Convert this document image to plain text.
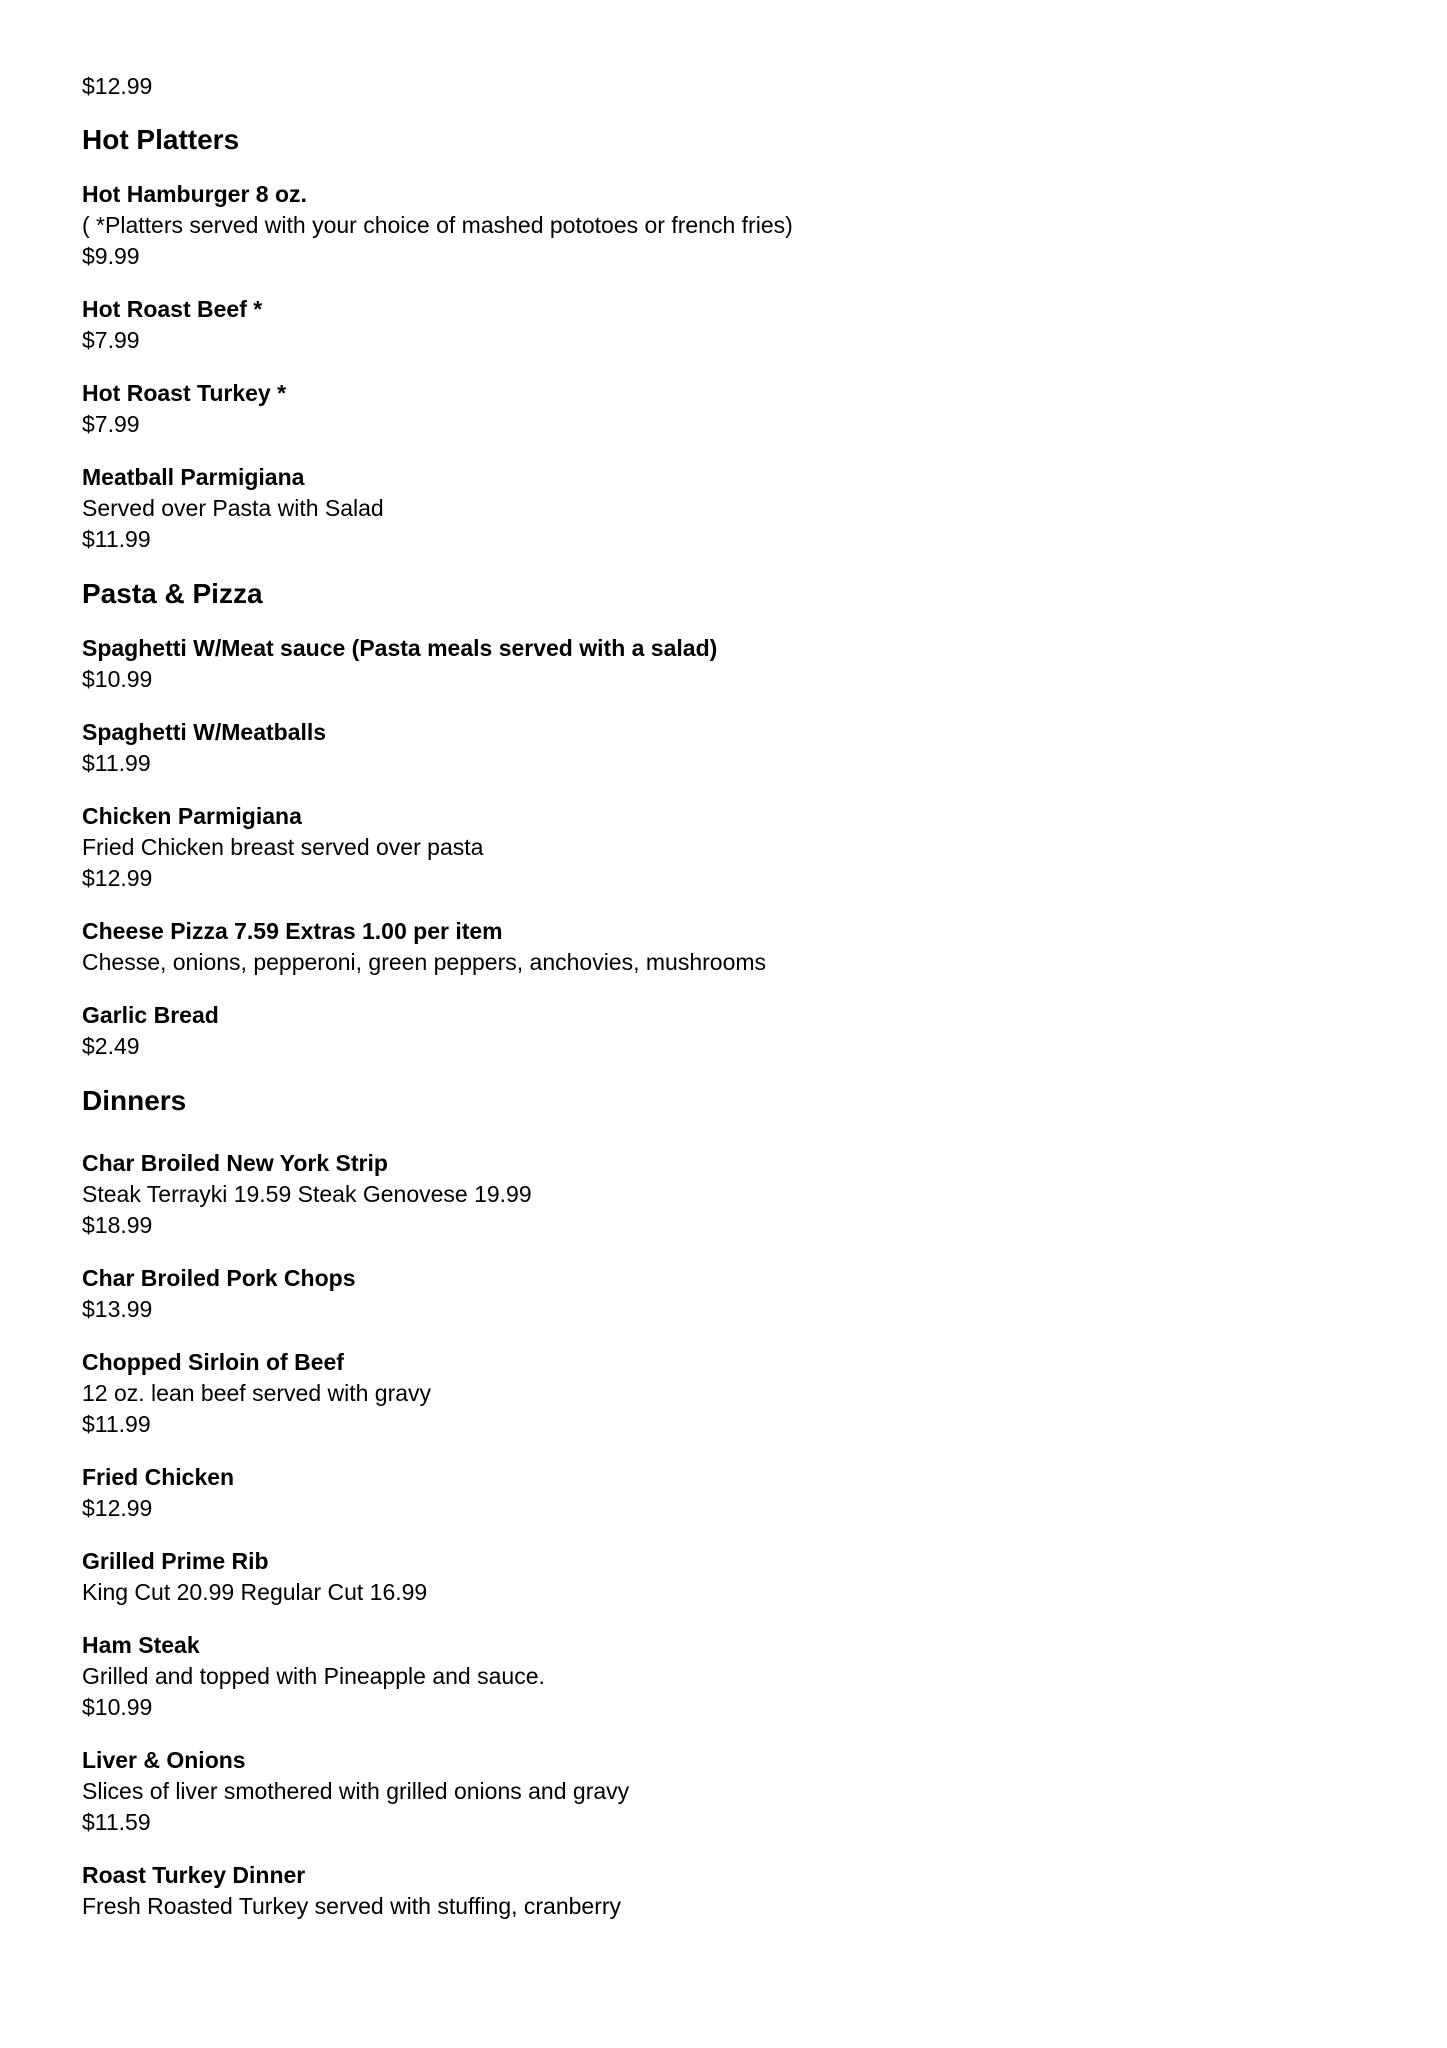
$12.99
Hot Platters
Hot Hamburger 8 oz.
( *Platters served with your choice of mashed pototoes or french fries)
$9.99
Hot Roast Beef *
$7.99
Hot Roast Turkey *
$7.99
Meatball Parmigiana
Served over Pasta with Salad
$11.99
Pasta & Pizza
Spaghetti W/Meat sauce (Pasta meals served with a salad)
$10.99
Spaghetti W/Meatballs
$11.99
Chicken Parmigiana
Fried Chicken breast served over pasta
$12.99
Cheese Pizza 7.59 Extras 1.00 per item
Chesse, onions, pepperoni, green peppers, anchovies, mushrooms
Garlic Bread
$2.49
Dinners
Char Broiled New York Strip
Steak Terrayki 19.59 Steak Genovese 19.99
$18.99
Char Broiled Pork Chops
$13.99
Chopped Sirloin of Beef
12 oz. lean beef served with gravy
$11.99
Fried Chicken
$12.99
Grilled Prime Rib
King Cut 20.99 Regular Cut 16.99
Ham Steak
Grilled and topped with Pineapple and sauce.
$10.99
Liver & Onions
Slices of liver smothered with grilled onions and gravy
$11.59
Roast Turkey Dinner
Fresh Roasted Turkey served with stuffing, cranberry
